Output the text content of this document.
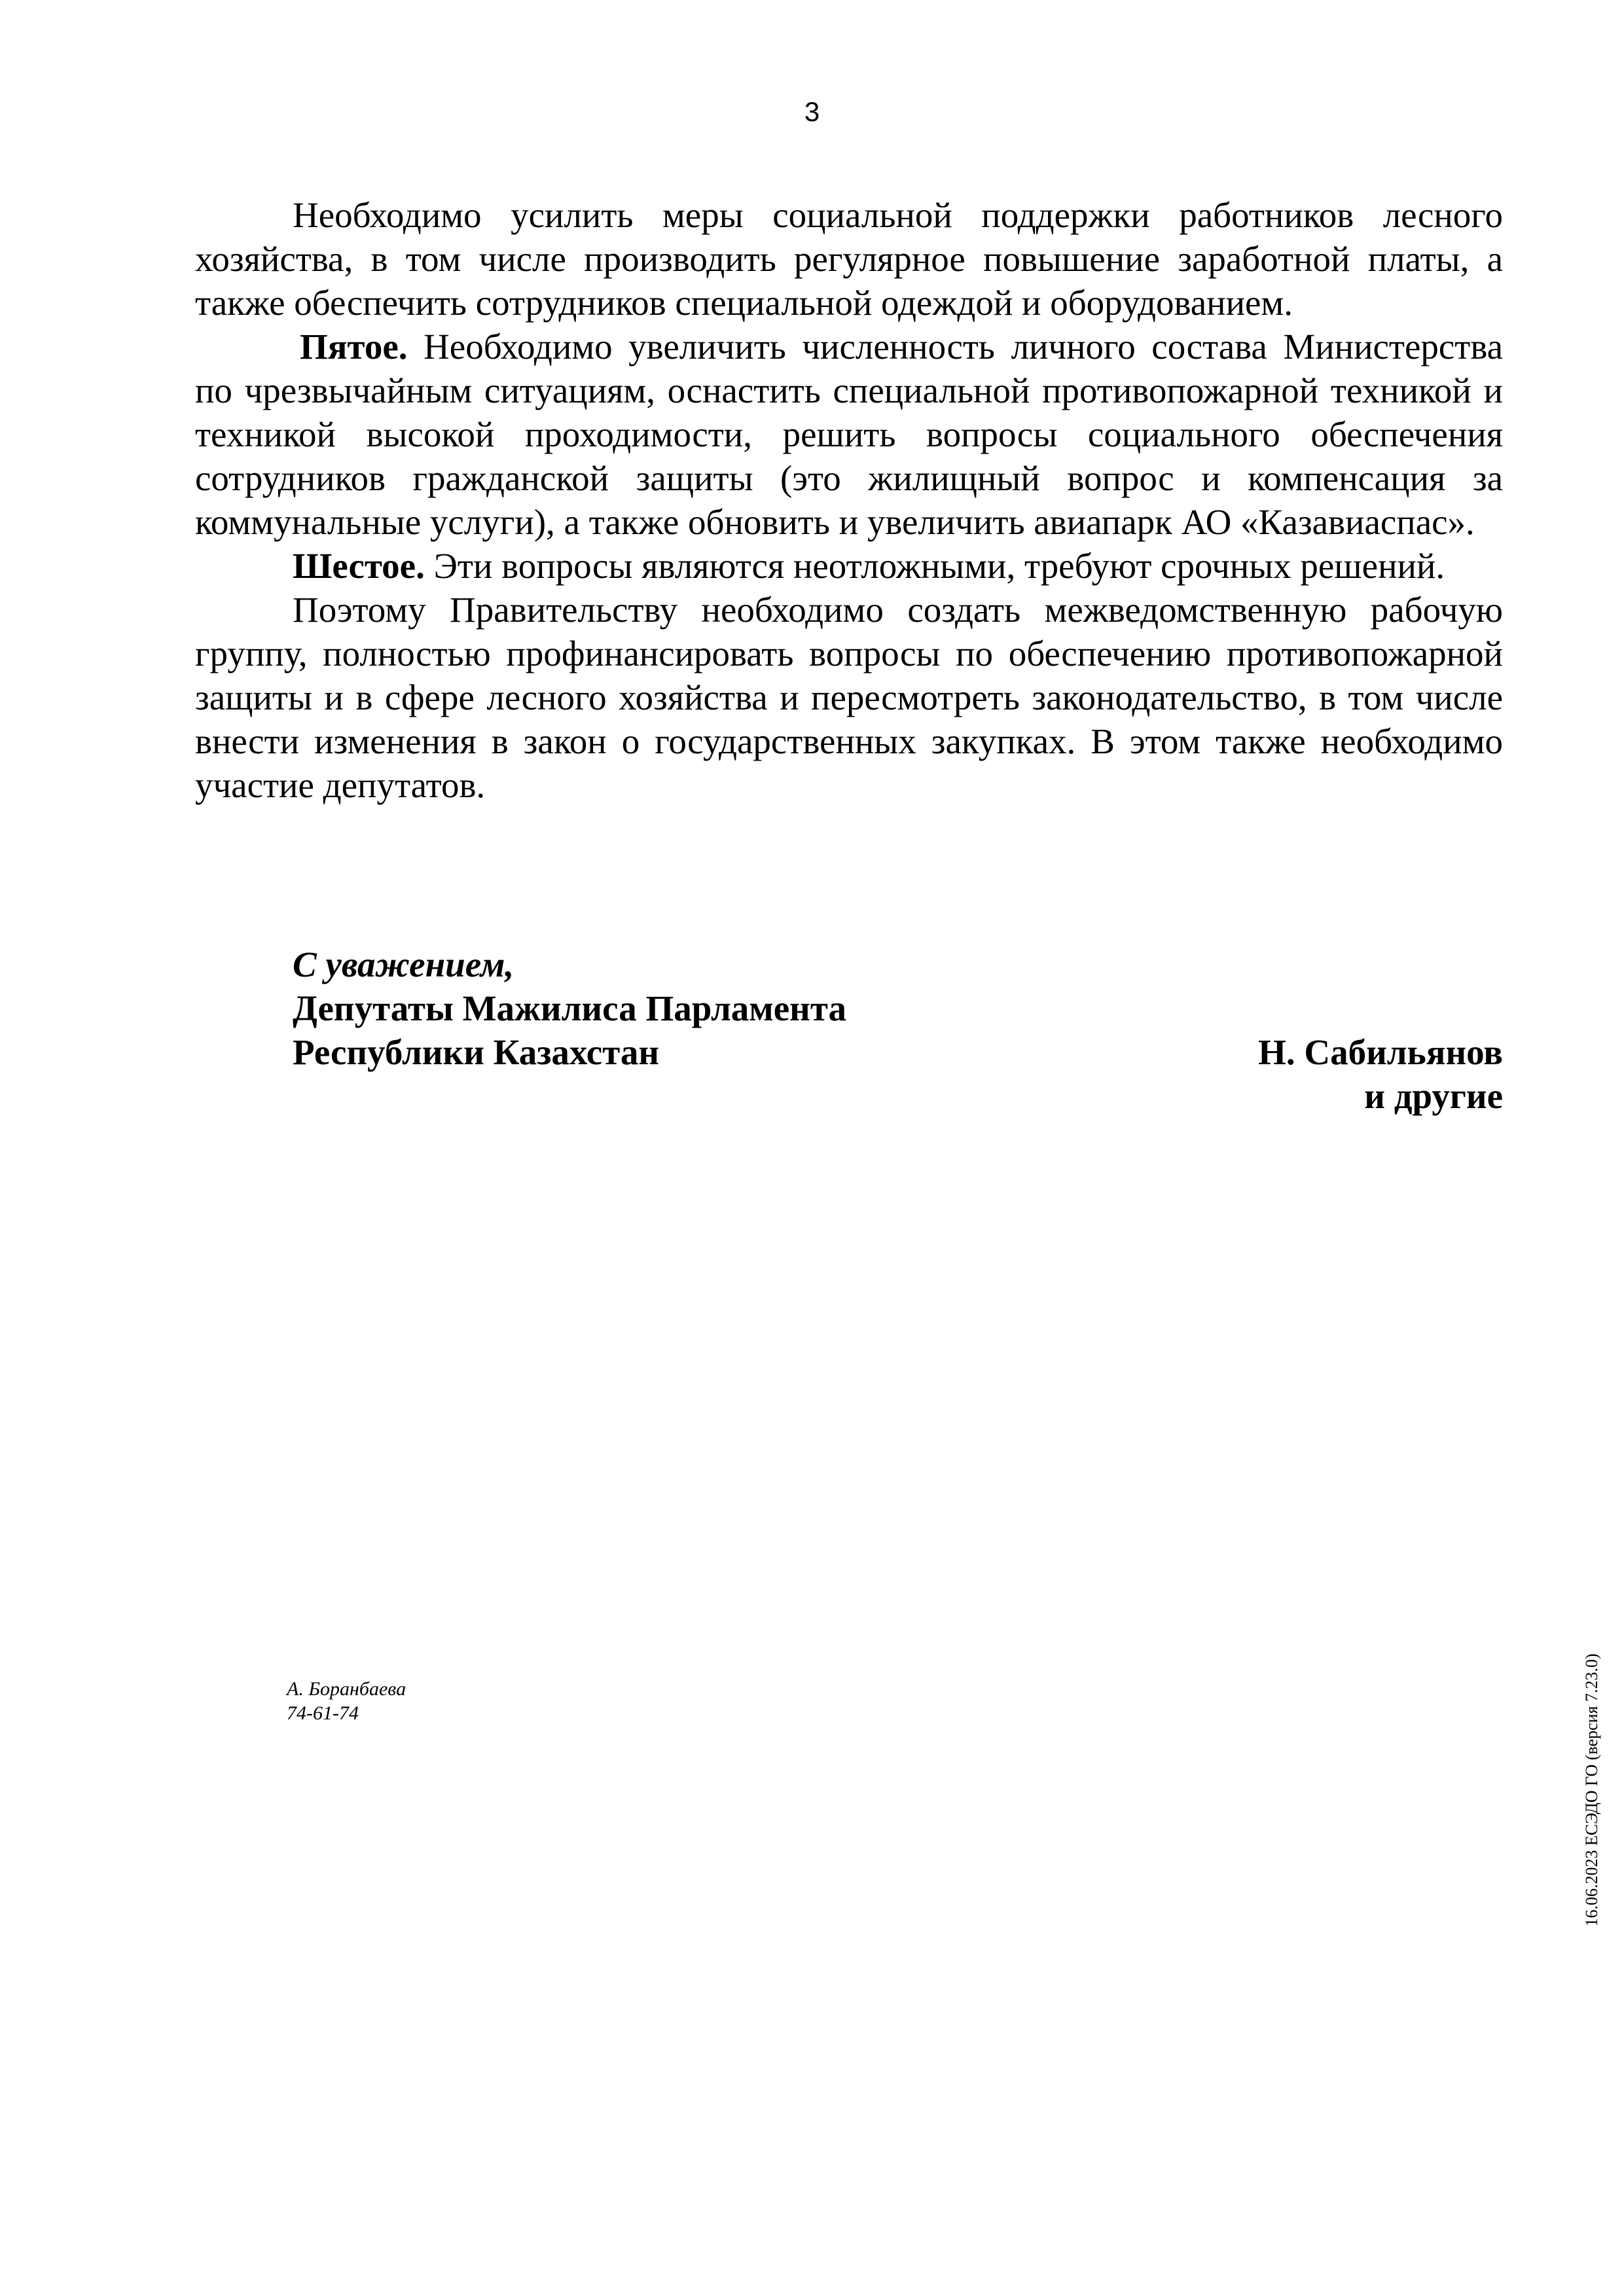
3

Необходимо усилить меры социальной поддержки работников лесного хозяйства, в том числе производить регулярное повышение заработной платы, а также обеспечить сотрудников специальной одеждой и оборудованием.

Пятое. Необходимо увеличить численность личного состава Министерства по чрезвычайным ситуациям, оснастить специальной противопожарной техникой и техникой высокой проходимости, решить вопросы социального обеспечения сотрудников гражданской защиты (это жилищный вопрос и компенсация за коммунальные услуги), а также обновить и увеличить авиапарк АО «Казавиаспас».

Шестое. Эти вопросы являются неотложными, требуют срочных решений.

Поэтому Правительству необходимо создать межведомственную рабочую группу, полностью профинансировать вопросы по обеспечению противопожарной защиты и в сфере лесного хозяйства и пересмотреть законодательство, в том числе внести изменения в закон о государственных закупках. В этом также необходимо участие депутатов.

С уважением,
Депутаты Мажилиса Парламента
Республики Казахстан	Н. Сабильянов
и другие
А. Боранбаева
74-61-74	16.06.2023 ЕСЭДО ГО (версия 7.23.0)
